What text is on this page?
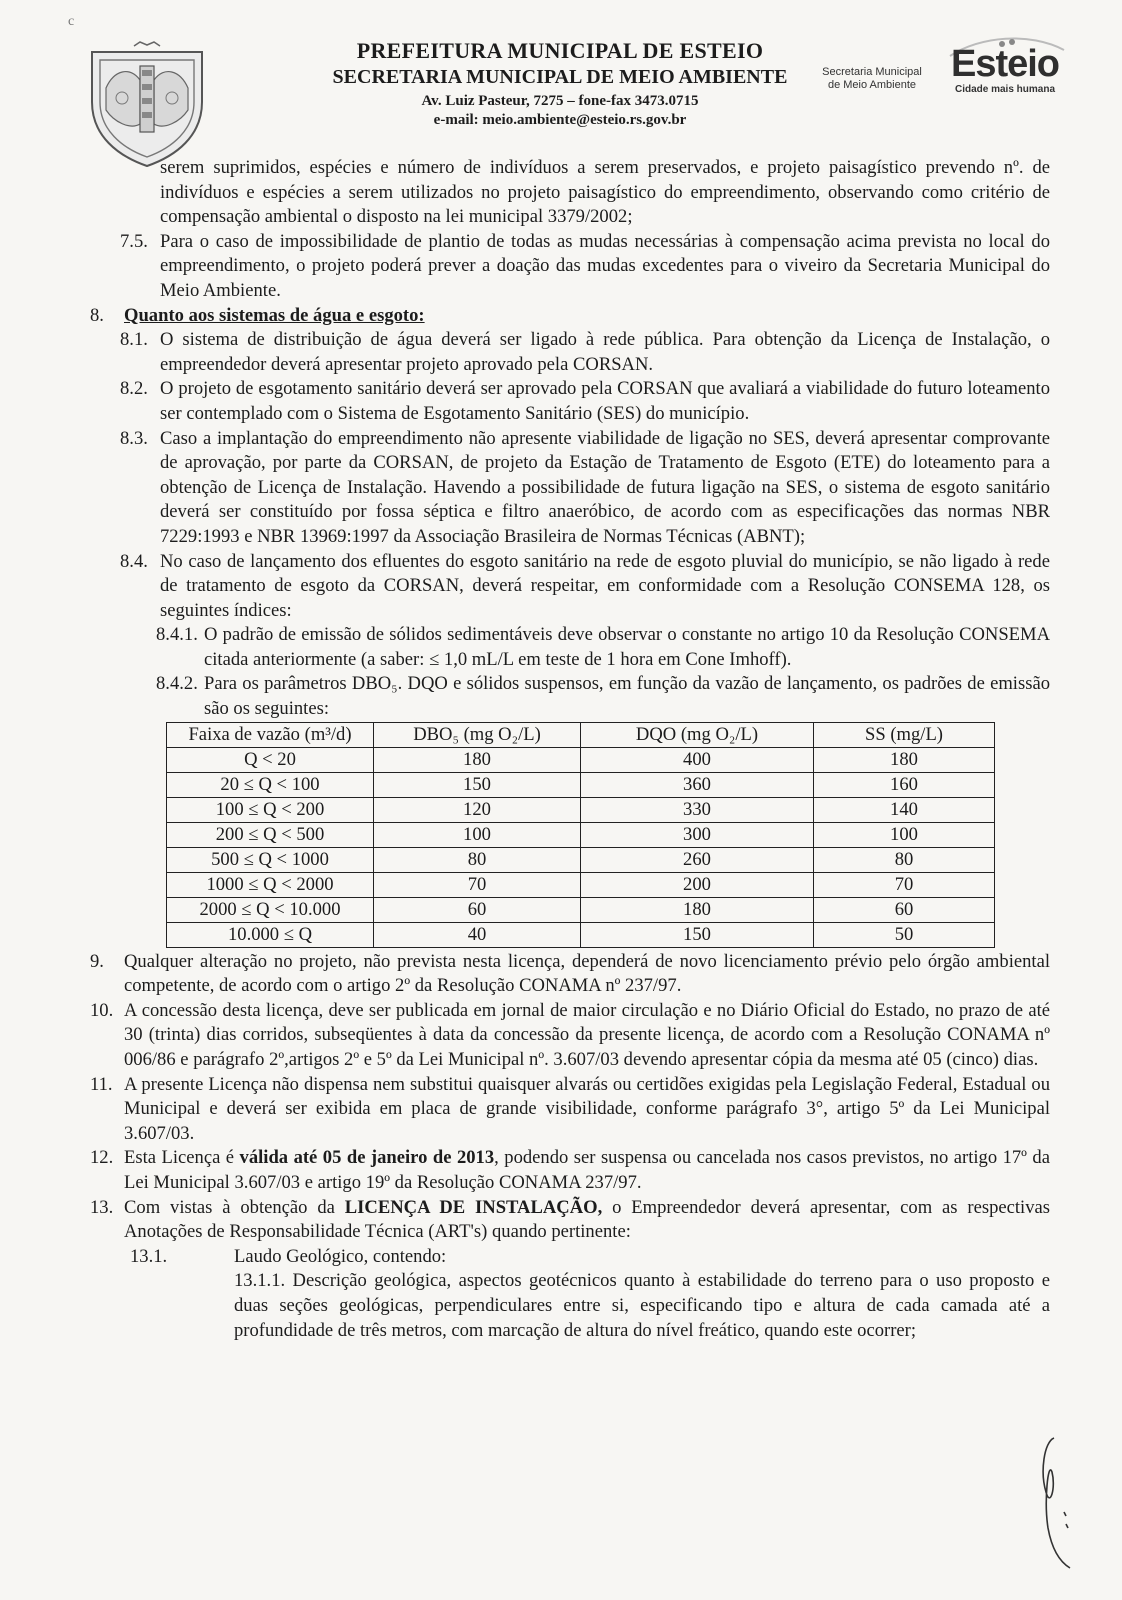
c
PREFEITURA MUNICIPAL DE ESTEIO
SECRETARIA MUNICIPAL DE MEIO AMBIENTE
Av. Luiz Pasteur, 7275 – fone-fax 3473.0715
e-mail: meio.ambiente@esteio.rs.gov.br
Secretaria Municipal
de Meio Ambiente Esteio
Cidade mais humana
serem suprimidos, espécies e número de indivíduos a serem preservados, e projeto paisagístico prevendo nº. de indivíduos e espécies a serem utilizados no projeto paisagístico do empreendimento, observando como critério de compensação ambiental o disposto na lei municipal 3379/2002;
7.5. Para o caso de impossibilidade de plantio de todas as mudas necessárias à compensação acima prevista no local do empreendimento, o projeto poderá prever a doação das mudas excedentes para o viveiro da Secretaria Municipal do Meio Ambiente.
8. Quanto aos sistemas de água e esgoto:
8.1. O sistema de distribuição de água deverá ser ligado à rede pública. Para obtenção da Licença de Instalação, o empreendedor deverá apresentar projeto aprovado pela CORSAN.
8.2. O projeto de esgotamento sanitário deverá ser aprovado pela CORSAN que avaliará a viabilidade do futuro loteamento ser contemplado com o Sistema de Esgotamento Sanitário (SES) do município.
8.3. Caso a implantação do empreendimento não apresente viabilidade de ligação no SES, deverá apresentar comprovante de aprovação, por parte da CORSAN, de projeto da Estação de Tratamento de Esgoto (ETE) do loteamento para a obtenção de Licença de Instalação. Havendo a possibilidade de futura ligação na SES, o sistema de esgoto sanitário deverá ser constituído por fossa séptica e filtro anaeróbico, de acordo com as especificações das normas NBR 7229:1993 e NBR 13969:1997 da Associação Brasileira de Normas Técnicas (ABNT);
8.4. No caso de lançamento dos efluentes do esgoto sanitário na rede de esgoto pluvial do município, se não ligado à rede de tratamento de esgoto da CORSAN, deverá respeitar, em conformidade com a Resolução CONSEMA 128, os seguintes índices:
8.4.1. O padrão de emissão de sólidos sedimentáveis deve observar o constante no artigo 10 da Resolução CONSEMA citada anteriormente (a saber: ≤ 1,0 mL/L em teste de 1 hora em Cone Imhoff).
8.4.2. Para os parâmetros DBO₅. DQO e sólidos suspensos, em função da vazão de lançamento, os padrões de emissão são os seguintes:
Faixa de vazão (m³/d)	DBO₅ (mg O₂/L)	DQO (mg O₂/L)	SS (mg/L)
Q < 20	180	400	180
20 ≤ Q < 100	150	360	160
100 ≤ Q < 200	120	330	140
200 ≤ Q < 500	100	300	100
500 ≤ Q < 1000	80	260	80
1000 ≤ Q < 2000	70	200	70
2000 ≤ Q < 10.000	60	180	60
10.000 ≤ Q	40	150	50
9. Qualquer alteração no projeto, não prevista nesta licença, dependerá de novo licenciamento prévio pelo órgão ambiental competente, de acordo com o artigo 2º da Resolução CONAMA nº 237/97.
10. A concessão desta licença, deve ser publicada em jornal de maior circulação e no Diário Oficial do Estado, no prazo de até 30 (trinta) dias corridos, subseqüentes à data da concessão da presente licença, de acordo com a Resolução CONAMA nº 006/86 e parágrafo 2º,artigos 2º e 5º da Lei Municipal nº. 3.607/03 devendo apresentar cópia da mesma até 05 (cinco) dias.
11. A presente Licença não dispensa nem substitui quaisquer alvarás ou certidões exigidas pela Legislação Federal, Estadual ou Municipal e deverá ser exibida em placa de grande visibilidade, conforme parágrafo 3°, artigo 5º da Lei Municipal 3.607/03.
12. Esta Licença é válida até 05 de janeiro de 2013, podendo ser suspensa ou cancelada nos casos previstos, no artigo 17º da Lei Municipal 3.607/03 e artigo 19º da Resolução CONAMA 237/97.
13. Com vistas à obtenção da LICENÇA DE INSTALAÇÃO, o Empreendedor deverá apresentar, com as respectivas Anotações de Responsabilidade Técnica (ART's) quando pertinente:
13.1.	Laudo Geológico, contendo:
13.1.1. Descrição geológica, aspectos geotécnicos quanto à estabilidade do terreno para o uso proposto e duas seções geológicas, perpendiculares entre si, especificando tipo e altura de cada camada até a profundidade de três metros, com marcação de altura do nível freático, quando este ocorrer;
